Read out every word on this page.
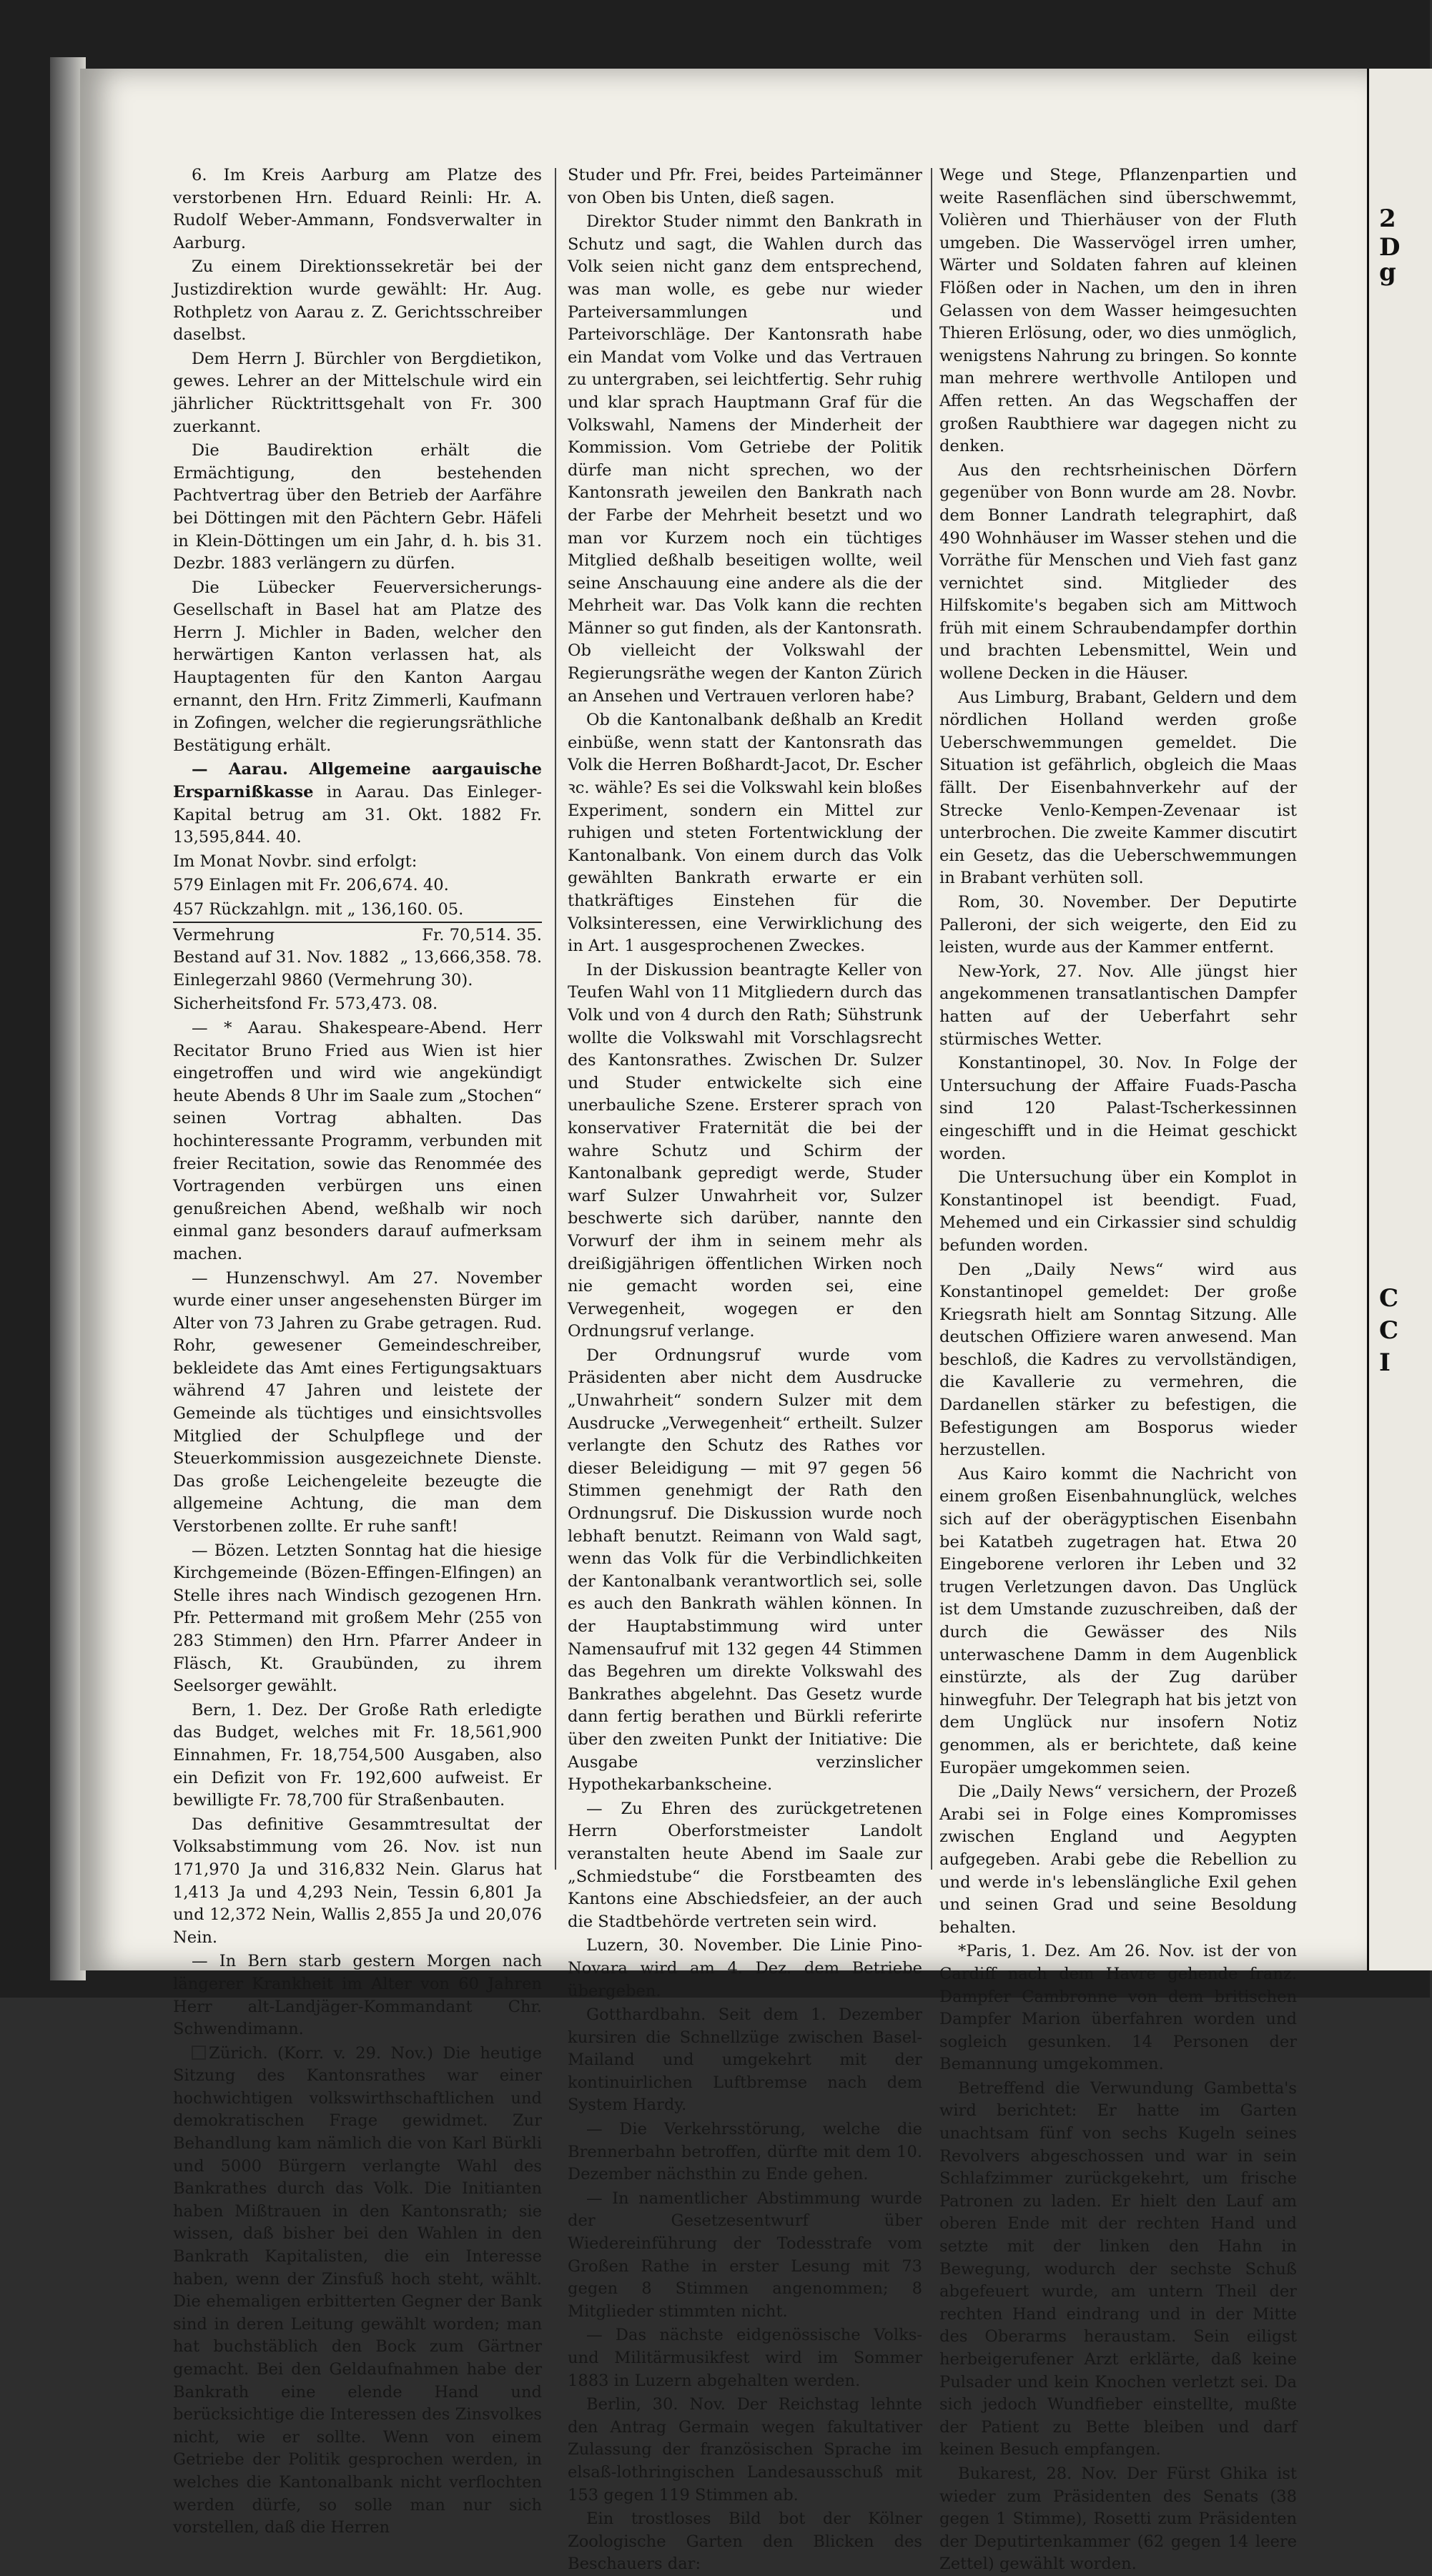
2
D
g
C
C
I

6. Im Kreis Aarburg am Platze des verstorbenen Hrn. Eduard Reinli: Hr. A. Rudolf Weber-Ammann, Fondsverwalter in Aarburg.

Zu einem Direktionssekretär bei der Justizdirektion wurde gewählt: Hr. Aug. Rothpletz von Aarau z. Z. Gerichtsschreiber daselbst.

Dem Herrn J. Bürchler von Bergdietikon, gewes. Lehrer an der Mittelschule wird ein jährlicher Rücktrittsgehalt von Fr. 300 zuerkannt.

Die Baudirektion erhält die Ermächtigung, den bestehenden Pachtvertrag über den Betrieb der Aarfähre bei Döttingen mit den Pächtern Gebr. Häfeli in Klein-Döttingen um ein Jahr, d. h. bis 31. Dezbr. 1883 verlängern zu dürfen.

Die Lübecker Feuerversicherungs-Gesellschaft in Basel hat am Platze des Herrn J. Michler in Baden, welcher den herwärtigen Kanton verlassen hat, als Hauptagenten für den Kanton Aargau ernannt, den Hrn. Fritz Zimmerli, Kaufmann in Zofingen, welcher die regierungsräthliche Bestätigung erhält.

— Aarau. Allgemeine aargauische Ersparnißkasse in Aarau. Das Einleger-Kapital betrug am 31. Okt. 1882 Fr. 13,595,844. 40.

Im Monat Novbr. sind erfolgt:

579 Einlagen mit Fr. 206,674. 40.

457 Rückzahlgn. mit „ 136,160. 05.

Vermehrung	Fr. 70,514. 35.
Bestand auf 31. Nov. 1882 „ 13,666,358. 78.

Einlegerzahl 9860 (Vermehrung 30).

Sicherheitsfond Fr. 573,473. 08.

— * Aarau. Shakespeare-Abend. Herr Recitator Bruno Fried aus Wien ist hier eingetroffen und wird wie angekündigt heute Abends 8 Uhr im Saale zum „Stochen“ seinen Vortrag abhalten. Das hochinteressante Programm, verbunden mit freier Recitation, sowie das Renommée des Vortragenden verbürgen uns einen genußreichen Abend, weßhalb wir noch einmal ganz besonders darauf aufmerksam machen.

— Hunzenschwyl. Am 27. November wurde einer unser angesehensten Bürger im Alter von 73 Jahren zu Grabe getragen. Rud. Rohr, gewesener Gemeindeschreiber, bekleidete das Amt eines Fertigungsaktuars während 47 Jahren und leistete der Gemeinde als tüchtiges und einsichtsvolles Mitglied der Schulpflege und der Steuerkommission ausgezeichnete Dienste. Das große Leichengeleite bezeugte die allgemeine Achtung, die man dem Verstorbenen zollte. Er ruhe sanft!

— Bözen. Letzten Sonntag hat die hiesige Kirchgemeinde (Bözen-Effingen-Elfingen) an Stelle ihres nach Windisch gezogenen Hrn. Pfr. Pettermand mit großem Mehr (255 von 283 Stimmen) den Hrn. Pfarrer Andeer in Fläsch, Kt. Graubünden, zu ihrem Seelsorger gewählt.

Bern, 1. Dez. Der Große Rath erledigte das Budget, welches mit Fr. 18,561,900 Einnahmen, Fr. 18,754,500 Ausgaben, also ein Defizit von Fr. 192,600 aufweist. Er bewilligte Fr. 78,700 für Straßenbauten.

Das definitive Gesammtresultat der Volksabstimmung vom 26. Nov. ist nun 171,970 Ja und 316,832 Nein. Glarus hat 1,413 Ja und 4,293 Nein, Tessin 6,801 Ja und 12,372 Nein, Wallis 2,855 Ja und 20,076 Nein.

— In Bern starb gestern Morgen nach längerer Krankheit im Alter von 60 Jahren Herr alt-Landjäger-Kommandant Chr. Schwendimann.

Zürich. (Korr. v. 29. Nov.) Die heutige Sitzung des Kantonsrathes war einer hochwichtigen volkswirthschaftlichen und demokratischen Frage gewidmet. Zur Behandlung kam nämlich die von Karl Bürkli und 5000 Bürgern verlangte Wahl des Bankrathes durch das Volk. Die Initianten haben Mißtrauen in den Kantonsrath; sie wissen, daß bisher bei den Wahlen in den Bankrath Kapitalisten, die ein Interesse haben, wenn der Zinsfuß hoch steht, wählt. Die ehemaligen erbitterten Gegner der Bank sind in deren Leitung gewählt worden; man hat buchstäblich den Bock zum Gärtner gemacht. Bei den Geldaufnahmen habe der Bankrath eine elende Hand und berücksichtige die Interessen des Zinsvolkes nicht, wie er sollte. Wenn von einem Getriebe der Politik gesprochen werden, in welches die Kantonalbank nicht verflochten werden dürfe, so solle man nur sich vorstellen, daß die Herren

Studer und Pfr. Frei, beides Parteimänner von Oben bis Unten, dieß sagen.

Direktor Studer nimmt den Bankrath in Schutz und sagt, die Wahlen durch das Volk seien nicht ganz dem entsprechend, was man wolle, es gebe nur wieder Parteiversammlungen und Parteivorschläge. Der Kantonsrath habe ein Mandat vom Volke und das Vertrauen zu untergraben, sei leichtfertig. Sehr ruhig und klar sprach Hauptmann Graf für die Volkswahl, Namens der Minderheit der Kommission. Vom Getriebe der Politik dürfe man nicht sprechen, wo der Kantonsrath jeweilen den Bankrath nach der Farbe der Mehrheit besetzt und wo man vor Kurzem noch ein tüchtiges Mitglied deßhalb beseitigen wollte, weil seine Anschauung eine andere als die der Mehrheit war. Das Volk kann die rechten Männer so gut finden, als der Kantonsrath. Ob vielleicht der Volkswahl der Regierungsräthe wegen der Kanton Zürich an Ansehen und Vertrauen verloren habe?

Ob die Kantonalbank deßhalb an Kredit einbüße, wenn statt der Kantonsrath das Volk die Herren Boßhardt-Jacot, Dr. Escher ꝛc. wähle? Es sei die Volkswahl kein bloßes Experiment, sondern ein Mittel zur ruhigen und steten Fortentwicklung der Kantonalbank. Von einem durch das Volk gewählten Bankrath erwarte er ein thatkräftiges Einstehen für die Volksinteressen, eine Verwirklichung des in Art. 1 ausgesprochenen Zweckes.

In der Diskussion beantragte Keller von Teufen Wahl von 11 Mitgliedern durch das Volk und von 4 durch den Rath; Sühstrunk wollte die Volkswahl mit Vorschlagsrecht des Kantonsrathes. Zwischen Dr. Sulzer und Studer entwickelte sich eine unerbauliche Szene. Ersterer sprach von konservativer Fraternität die bei der wahre Schutz und Schirm der Kantonalbank gepredigt werde, Studer warf Sulzer Unwahrheit vor, Sulzer beschwerte sich darüber, nannte den Vorwurf der ihm in seinem mehr als dreißigjährigen öffentlichen Wirken noch nie gemacht worden sei, eine Verwegenheit, wogegen er den Ordnungsruf verlange.

Der Ordnungsruf wurde vom Präsidenten aber nicht dem Ausdrucke „Unwahrheit“ sondern Sulzer mit dem Ausdrucke „Verwegenheit“ ertheilt. Sulzer verlangte den Schutz des Rathes vor dieser Beleidigung — mit 97 gegen 56 Stimmen genehmigt der Rath den Ordnungsruf. Die Diskussion wurde noch lebhaft benutzt. Reimann von Wald sagt, wenn das Volk für die Verbindlichkeiten der Kantonalbank verantwortlich sei, solle es auch den Bankrath wählen können. In der Hauptabstimmung wird unter Namensaufruf mit 132 gegen 44 Stimmen das Begehren um direkte Volkswahl des Bankrathes abgelehnt. Das Gesetz wurde dann fertig berathen und Bürkli referirte über den zweiten Punkt der Initiative: Die Ausgabe verzinslicher Hypothekarbankscheine.

— Zu Ehren des zurückgetretenen Herrn Oberforstmeister Landolt veranstalten heute Abend im Saale zur „Schmiedstube“ die Forstbeamten des Kantons eine Abschiedsfeier, an der auch die Stadtbehörde vertreten sein wird.

Luzern, 30. November. Die Linie Pino-Novara wird am 4. Dez. dem Betriebe übergeben.

Gotthardbahn. Seit dem 1. Dezember kursiren die Schnellzüge zwischen Basel-Mailand und umgekehrt mit der kontinuirlichen Luftbremse nach dem System Hardy.

— Die Verkehrsstörung, welche die Brennerbahn betroffen, dürfte mit dem 10. Dezember nächsthin zu Ende gehen.

— In namentlicher Abstimmung wurde der Gesetzesentwurf über Wiedereinführung der Todesstrafe vom Großen Rathe in erster Lesung mit 73 gegen 8 Stimmen angenommen; 8 Mitglieder stimmten nicht.

— Das nächste eidgenössische Volks- und Militärmusikfest wird im Sommer 1883 in Luzern abgehalten werden.

Berlin, 30. Nov. Der Reichstag lehnte den Antrag Germain wegen fakultativer Zulassung der französischen Sprache im elsaß-lothringischen Landesausschuß mit 153 gegen 119 Stimmen ab.

Ein trostloses Bild bot der Kölner Zoologische Garten den Blicken des Beschauers dar:

Wege und Stege, Pflanzenpartien und weite Rasenflächen sind überschwemmt, Volièren und Thierhäuser von der Fluth umgeben. Die Wasservögel irren umher, Wärter und Soldaten fahren auf kleinen Flößen oder in Nachen, um den in ihren Gelassen von dem Wasser heimgesuchten Thieren Erlösung, oder, wo dies unmöglich, wenigstens Nahrung zu bringen. So konnte man mehrere werthvolle Antilopen und Affen retten. An das Wegschaffen der großen Raubthiere war dagegen nicht zu denken.

Aus den rechtsrheinischen Dörfern gegenüber von Bonn wurde am 28. Novbr. dem Bonner Landrath telegraphirt, daß 490 Wohnhäuser im Wasser stehen und die Vorräthe für Menschen und Vieh fast ganz vernichtet sind. Mitglieder des Hilfskomite's begaben sich am Mittwoch früh mit einem Schraubendampfer dorthin und brachten Lebensmittel, Wein und wollene Decken in die Häuser.

Aus Limburg, Brabant, Geldern und dem nördlichen Holland werden große Ueberschwemmungen gemeldet. Die Situation ist gefährlich, obgleich die Maas fällt. Der Eisenbahnverkehr auf der Strecke Venlo-Kempen-Zevenaar ist unterbrochen. Die zweite Kammer discutirt ein Gesetz, das die Ueberschwemmungen in Brabant verhüten soll.

Rom, 30. November. Der Deputirte Palleroni, der sich weigerte, den Eid zu leisten, wurde aus der Kammer entfernt.

New-York, 27. Nov. Alle jüngst hier angekommenen transatlantischen Dampfer hatten auf der Ueberfahrt sehr stürmisches Wetter.

Konstantinopel, 30. Nov. In Folge der Untersuchung der Affaire Fuads-Pascha sind 120 Palast-Tscherkessinnen eingeschifft und in die Heimat geschickt worden.

Die Untersuchung über ein Komplot in Konstantinopel ist beendigt. Fuad, Mehemed und ein Cirkassier sind schuldig befunden worden.

Den „Daily News“ wird aus Konstantinopel gemeldet: Der große Kriegsrath hielt am Sonntag Sitzung. Alle deutschen Offiziere waren anwesend. Man beschloß, die Kadres zu vervollständigen, die Kavallerie zu vermehren, die Dardanellen stärker zu befestigen, die Befestigungen am Bosporus wieder herzustellen.

Aus Kairo kommt die Nachricht von einem großen Eisenbahnunglück, welches sich auf der oberägyptischen Eisenbahn bei Katatbeh zugetragen hat. Etwa 20 Eingeborene verloren ihr Leben und 32 trugen Verletzungen davon. Das Unglück ist dem Umstande zuzuschreiben, daß der durch die Gewässer des Nils unterwaschene Damm in dem Augenblick einstürzte, als der Zug darüber hinwegfuhr. Der Telegraph hat bis jetzt von dem Unglück nur insofern Notiz genommen, als er berichtete, daß keine Europäer umgekommen seien.

Die „Daily News“ versichern, der Prozeß Arabi sei in Folge eines Kompromisses zwischen England und Aegypten aufgegeben. Arabi gebe die Rebellion zu und werde in's lebenslängliche Exil gehen und seinen Grad und seine Besoldung behalten.

*Paris, 1. Dez. Am 26. Nov. ist der von Cardiff nach dem Havre gehende franz. Dampfer Cambronne von dem britischen Dampfer Marion überfahren worden und sogleich gesunken. 14 Personen der Bemannung umgekommen.

Betreffend die Verwundung Gambetta's wird berichtet: Er hatte im Garten unachtsam fünf von sechs Kugeln seines Revolvers abgeschossen und war in sein Schlafzimmer zurückgekehrt, um frische Patronen zu laden. Er hielt den Lauf am oberen Ende mit der rechten Hand und setzte mit der linken den Hahn in Bewegung, wodurch der sechste Schuß abgefeuert wurde, am untern Theil der rechten Hand eindrang und in der Mitte des Oberarms heraustam. Sein eiligst herbeigerufener Arzt erklärte, daß keine Pulsader und kein Knochen verletzt sei. Da sich jedoch Wundfieber einstellte, mußte der Patient zu Bette bleiben und darf keinen Besuch empfangen.

Bukarest, 28. Nov. Der Fürst Ghika ist wieder zum Präsidenten des Senats (38 gegen 1 Stimme), Rosetti zum Präsidenten der Deputirtenkammer (62 gegen 14 leere Zettel) gewählt worden.
